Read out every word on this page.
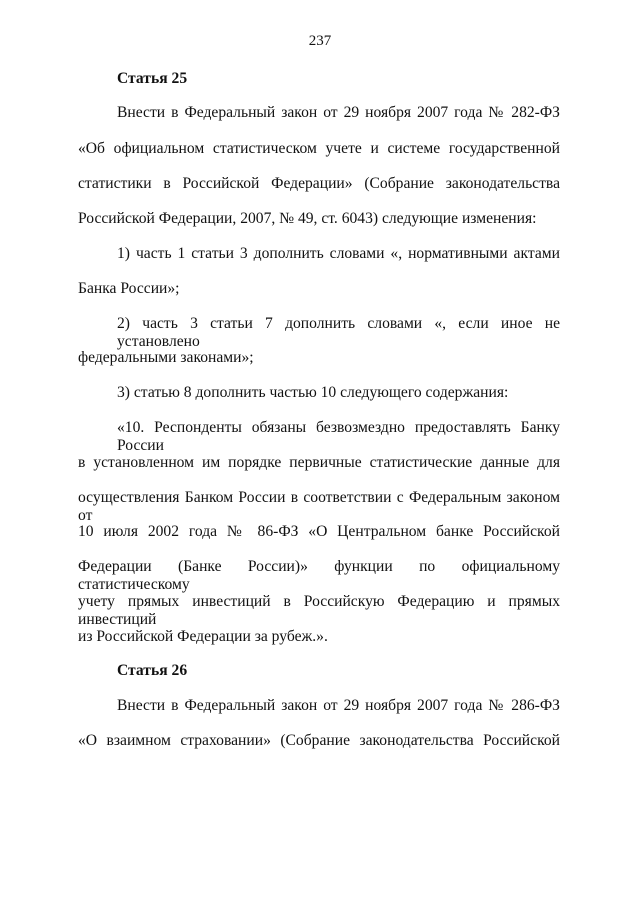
237
Статья 25
Внести в Федеральный закон от 29 ноября 2007 года № 282-ФЗ
«Об официальном статистическом учете и системе государственной
статистики в Российской Федерации» (Собрание законодательства
Российской Федерации, 2007, № 49, ст. 6043) следующие изменения:
1) часть 1 статьи 3 дополнить словами «, нормативными актами
Банка России»;
2) часть 3 статьи 7 дополнить словами «, если иное не установлено
федеральными законами»;
3) статью 8 дополнить частью 10 следующего содержания:
«10. Респонденты обязаны безвозмездно предоставлять Банку России
в установленном им порядке первичные статистические данные для
осуществления Банком России в соответствии с Федеральным законом от
10 июля 2002 года № 86-ФЗ «О Центральном банке Российской
Федерации (Банке России)» функции по официальному статистическому
учету прямых инвестиций в Российскую Федерацию и прямых инвестиций
из Российской Федерации за рубеж.».
Статья 26
Внести в Федеральный закон от 29 ноября 2007 года № 286-ФЗ
«О взаимном страховании» (Собрание законодательства Российской
